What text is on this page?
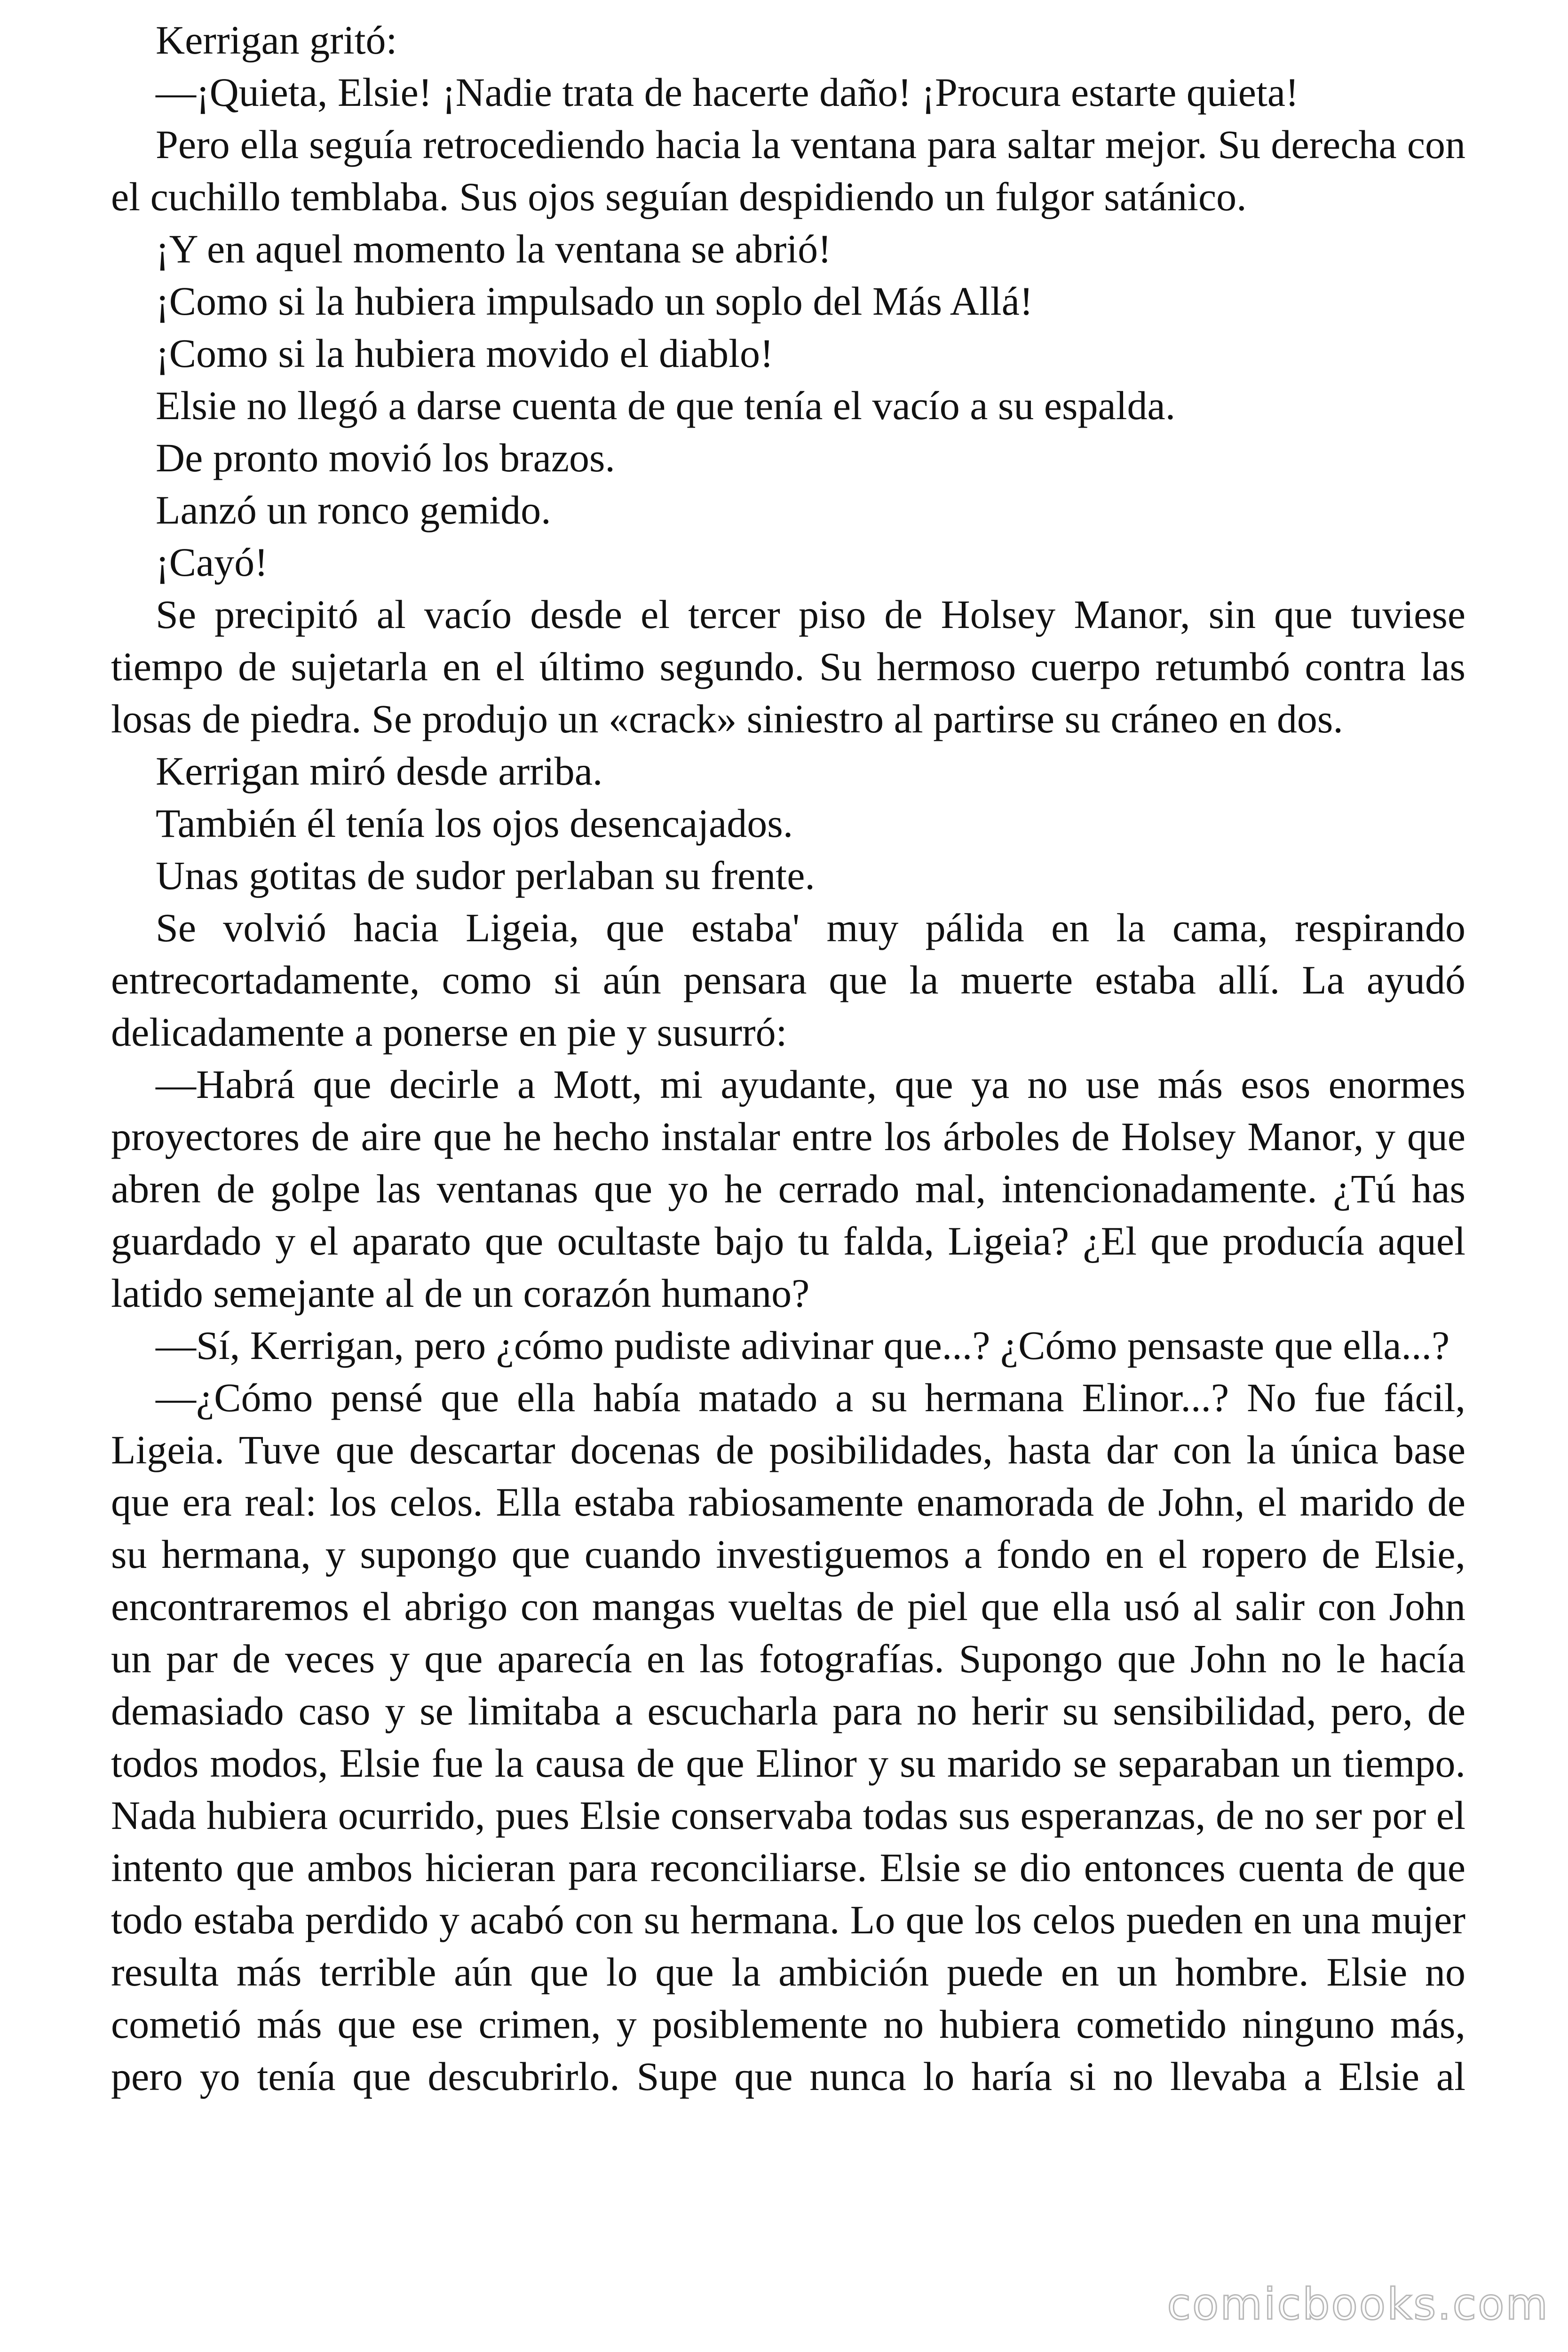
Kerrigan gritó:

—¡Quieta, Elsie! ¡Nadie trata de hacerte daño! ¡Procura estarte quieta!

Pero ella seguía retrocediendo hacia la ventana para saltar mejor. Su derecha con el cuchillo temblaba. Sus ojos seguían despidiendo un fulgor satánico.

¡Y en aquel momento la ventana se abrió!

¡Como si la hubiera impulsado un soplo del Más Allá!

¡Como si la hubiera movido el diablo!

Elsie no llegó a darse cuenta de que tenía el vacío a su espalda.

De pronto movió los brazos.

Lanzó un ronco gemido.

¡Cayó!

Se precipitó al vacío desde el tercer piso de Holsey Manor, sin que tuviese tiempo de sujetarla en el último segundo. Su hermoso cuerpo retumbó contra las losas de piedra. Se produjo un «crack» siniestro al partirse su cráneo en dos.

Kerrigan miró desde arriba.

También él tenía los ojos desencajados.

Unas gotitas de sudor perlaban su frente.

Se volvió hacia Ligeia, que estaba' muy pálida en la cama, respirando entrecortadamente, como si aún pensara que la muerte estaba allí. La ayudó delicadamente a ponerse en pie y susurró:

—Habrá que decirle a Mott, mi ayudante, que ya no use más esos enormes proyectores de aire que he hecho instalar entre los árboles de Holsey Manor, y que abren de golpe las ventanas que yo he cerrado mal, intencionadamente. ¿Tú has guardado y el aparato que ocultaste bajo tu falda, Ligeia? ¿El que producía aquel latido semejante al de un corazón humano?

—Sí, Kerrigan, pero ¿cómo pudiste adivinar que...? ¿Cómo pensaste que ella...?

—¿Cómo pensé que ella había matado a su hermana Elinor...? No fue fácil, Ligeia. Tuve que descartar docenas de posibilidades, hasta dar con la única base que era real: los celos. Ella estaba rabiosamente enamorada de John, el marido de su hermana, y supongo que cuando investiguemos a fondo en el ropero de Elsie, encontraremos el abrigo con mangas vueltas de piel que ella usó al salir con John un par de veces y que aparecía en las fotografías. Supongo que John no le hacía demasiado caso y se limitaba a escucharla para no herir su sensibilidad, pero, de todos modos, Elsie fue la causa de que Elinor y su marido se separaban un tiempo. Nada hubiera ocurrido, pues Elsie conservaba todas sus esperanzas, de no ser por el intento que ambos hicieran para reconciliarse. Elsie se dio entonces cuenta de que todo estaba perdido y acabó con su hermana. Lo que los celos pueden en una mujer resulta más terrible aún que lo que la ambición puede en un hombre. Elsie no cometió más que ese crimen, y posiblemente no hubiera cometido ninguno más, pero yo tenía que descubrirlo. Supe que nunca lo haría si no llevaba a Elsie al

comicbooks.com
